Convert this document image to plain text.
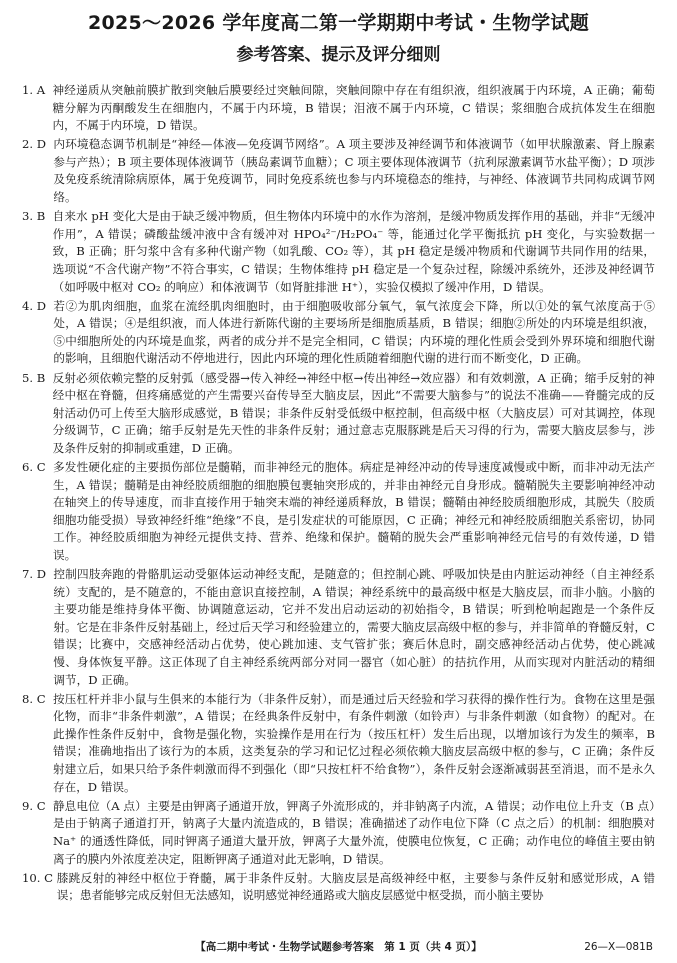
2025～2026 学年度高二第一学期期中考试・生物学试题
参考答案、提示及评分细则
1. A
神经递质从突触前膜扩散到突触后膜要经过突触间隙，突触间隙中存在有组织液，组织液属于内环境，A 正确；葡萄糖分解为丙酮酸发生在细胞内，不属于内环境，B 错误；泪液不属于内环境，C 错误；浆细胞合成抗体发生在细胞内，不属于内环境，D 错误。
2. D
内环境稳态调节机制是“神经—体液—免疫调节网络”。A 项主要涉及神经调节和体液调节（如甲状腺激素、肾上腺素参与产热）；B 项主要体现体液调节（胰岛素调节血糖）；C 项主要体现体液调节（抗利尿激素调节水盐平衡）；D 项涉及免疫系统清除病原体，属于免疫调节，同时免疫系统也参与内环境稳态的维持，与神经、体液调节共同构成调节网络。
3. B
自来水 pH 变化大是由于缺乏缓冲物质，但生物体内环境中的水作为溶剂，是缓冲物质发挥作用的基础，并非“无缓冲作用”，A 错误；磷酸盐缓冲液中含有缓冲对 HPO₄²⁻/H₂PO₄⁻ 等，能通过化学平衡抵抗 pH 变化，与实验数据一致，B 正确；肝匀浆中含有多种代谢产物（如乳酸、CO₂ 等），其 pH 稳定是缓冲物质和代谢调节共同作用的结果，选项说“不含代谢产物”不符合事实，C 错误；生物体维持 pH 稳定是一个复杂过程，除缓冲系统外，还涉及神经调节（如呼吸中枢对 CO₂ 的响应）和体液调节（如肾脏排泄 H⁺），实验仅模拟了缓冲作用，D 错误。
4. D
若②为肌肉细胞，血浆在流经肌肉细胞时，由于细胞吸收部分氧气，氧气浓度会下降，所以①处的氧气浓度高于⑤处，A 错误；④是组织液，而人体进行新陈代谢的主要场所是细胞质基质，B 错误；细胞②所处的内环境是组织液，⑤中细胞所处的内环境是血浆，两者的成分并不是完全相同，C 错误；内环境的理化性质会受到外界环境和细胞代谢的影响，且细胞代谢活动不停地进行，因此内环境的理化性质随着细胞代谢的进行而不断变化，D 正确。
5. B
反射必须依赖完整的反射弧（感受器→传入神经→神经中枢→传出神经→效应器）和有效刺激，A 正确；缩手反射的神经中枢在脊髓，但疼痛感觉的产生需要兴奋传导至大脑皮层，因此“不需要大脑参与”的说法不准确——脊髓完成的反射活动仍可上传至大脑形成感觉，B 错误；非条件反射受低级中枢控制，但高级中枢（大脑皮层）可对其调控，体现分级调节，C 正确；缩手反射是先天性的非条件反射；通过意志克服豚跳是后天习得的行为，需要大脑皮层参与，涉及条件反射的抑制或重建，D 正确。
6. C
多发性硬化症的主要损伤部位是髓鞘，而非神经元的胞体。病症是神经冲动的传导速度减慢或中断，而非冲动无法产生，A 错误；髓鞘是由神经胶质细胞的细胞膜包裹轴突形成的，并非由神经元自身形成。髓鞘脱失主要影响神经冲动在轴突上的传导速度，而非直接作用于轴突末端的神经递质释放，B 错误；髓鞘由神经胶质细胞形成，其脱失（胶质细胞功能受损）导致神经纤维“绝缘”不良，是引发症状的可能原因，C 正确；神经元和神经胶质细胞关系密切，协同工作。神经胶质细胞为神经元提供支持、营养、绝缘和保护。髓鞘的脱失会严重影响神经元信号的有效传递，D 错误。
7. D
控制四肢奔跑的骨骼肌运动受躯体运动神经支配，是随意的；但控制心跳、呼吸加快是由内脏运动神经（自主神经系统）支配的，是不随意的，不能由意识直接控制，A 错误；神经系统中的最高级中枢是大脑皮层，而非小脑。小脑的主要功能是维持身体平衡、协调随意运动，它并不发出启动运动的初始指令，B 错误；听到枪响起跑是一个条件反射。它是在非条件反射基础上，经过后天学习和经验建立的，需要大脑皮层高级中枢的参与，并非简单的脊髓反射，C 错误；比赛中，交感神经活动占优势，使心跳加速、支气管扩张；赛后休息时，副交感神经活动占优势，使心跳减慢、身体恢复平静。这正体现了自主神经系统两部分对同一器官（如心脏）的拮抗作用，从而实现对内脏活动的精细调节，D 正确。
8. C
按压杠杆并非小鼠与生俱来的本能行为（非条件反射），而是通过后天经验和学习获得的操作性行为。食物在这里是强化物，而非“非条件刺激”，A 错误；在经典条件反射中，有条件刺激（如铃声）与非条件刺激（如食物）的配对。在此操作性条件反射中，食物是强化物，实验操作是用在行为（按压杠杆）发生后出现，以增加该行为发生的频率，B 错误；准确地指出了该行为的本质，这类复杂的学习和记忆过程必须依赖大脑皮层高级中枢的参与，C 正确；条件反射建立后，如果只给予条件刺激而得不到强化（即“只按杠杆不给食物”），条件反射会逐渐减弱甚至消退，而不是永久存在，D 错误。
9. C
静息电位（A 点）主要是由钾离子通道开放，钾离子外流形成的，并非钠离子内流，A 错误；动作电位上升支（B 点）是由于钠离子通道打开，钠离子大量内流造成的，B 错误；准确描述了动作电位下降（C 点之后）的机制：细胞膜对 Na⁺ 的通透性降低，同时钾离子通道大量开放，钾离子大量外流，使膜电位恢复，C 正确；动作电位的峰值主要由钠离子的膜内外浓度差决定，阻断钾离子通道对此无影响，D 错误。
10. C
膝跳反射的神经中枢位于脊髓，属于非条件反射。大脑皮层是高级神经中枢，主要参与条件反射和感觉形成，A 错误；患者能够完成反射但无法感知，说明感觉神经通路或大脑皮层感觉中枢受损，而小脑主要协
【高二期中考试・生物学试题参考答案　第 1 页（共 4 页）】	26—X—081B
